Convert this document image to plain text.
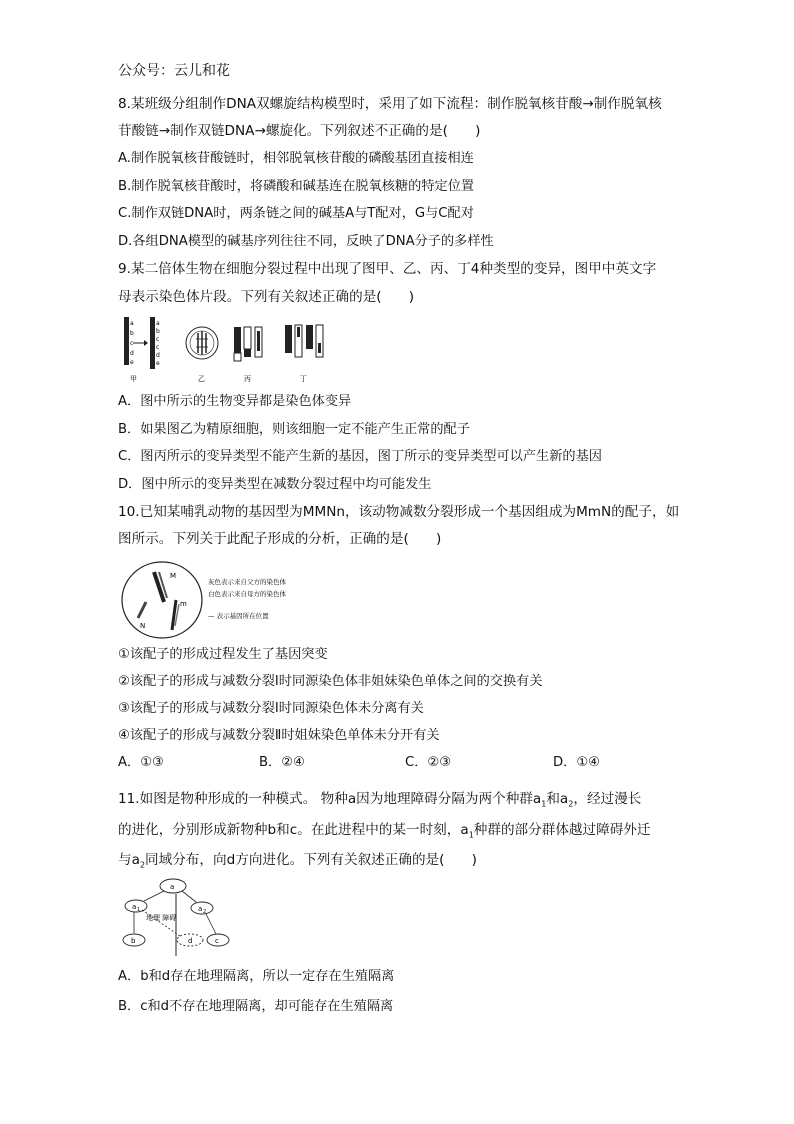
公众号：云儿和花
8.某班级分组制作DNA双螺旋结构模型时，采用了如下流程：制作脱氧核苷酸→制作脱氧核
苷酸链→制作双链DNA→螺旋化。下列叙述不正确的是(　　)
A.制作脱氧核苷酸链时，相邻脱氧核苷酸的磷酸基团直接相连
B.制作脱氧核苷酸时，将磷酸和碱基连在脱氧核糖的特定位置
C.制作双链DNA时，两条链之间的碱基A与T配对，G与C配对
D.各组DNA模型的碱基序列往往不同，反映了DNA分子的多样性
9.某二倍体生物在细胞分裂过程中出现了图甲、乙、丙、丁4种类型的变异，图甲中英文字
母表示染色体片段。下列有关叙述正确的是(　　)
a
b
c
d
e
a
b
c
c
d
e
甲	乙	丙	丁
A．图中所示的生物变异都是染色体变异
B．如果图乙为精原细胞，则该细胞一定不能产生正常的配子
C．图丙所示的变异类型不能产生新的基因，图丁所示的变异类型可以产生新的基因
D．图中所示的变异类型在减数分裂过程中均可能发生
10.已知某哺乳动物的基因型为MMNn，该动物减数分裂形成一个基因组成为MmN的配子，如
图所示。下列关于此配子形成的分析，正确的是(　　)
M
N
m
灰色表示来自父方的染色体
白色表示来自母方的染色体
— 表示基因所在位置
①该配子的形成过程发生了基因突变
②该配子的形成与减数分裂Ⅰ时同源染色体非姐妹染色单体之间的交换有关
③该配子的形成与减数分裂Ⅰ时同源染色体未分离有关
④该配子的形成与减数分裂Ⅱ时姐妹染色单体未分开有关
A．①③	B．②④	C．②③	D．①④
11.如图是物种形成的一种模式。 物种a因为地理障碍分隔为两个种群$a_1$和$a_2$，经过漫长
的进化，分别形成新物种b和c。在此进程中的某一时刻，$a_1$种群的部分群体越过障碍外迁
与$a_2$同域分布，向d方向进化。下列有关叙述正确的是(　　)
a
a 1	a 2
地理 障碍
b	d	c
A．b和d存在地理隔离，所以一定存在生殖隔离
B．c和d不存在地理隔离，却可能存在生殖隔离
